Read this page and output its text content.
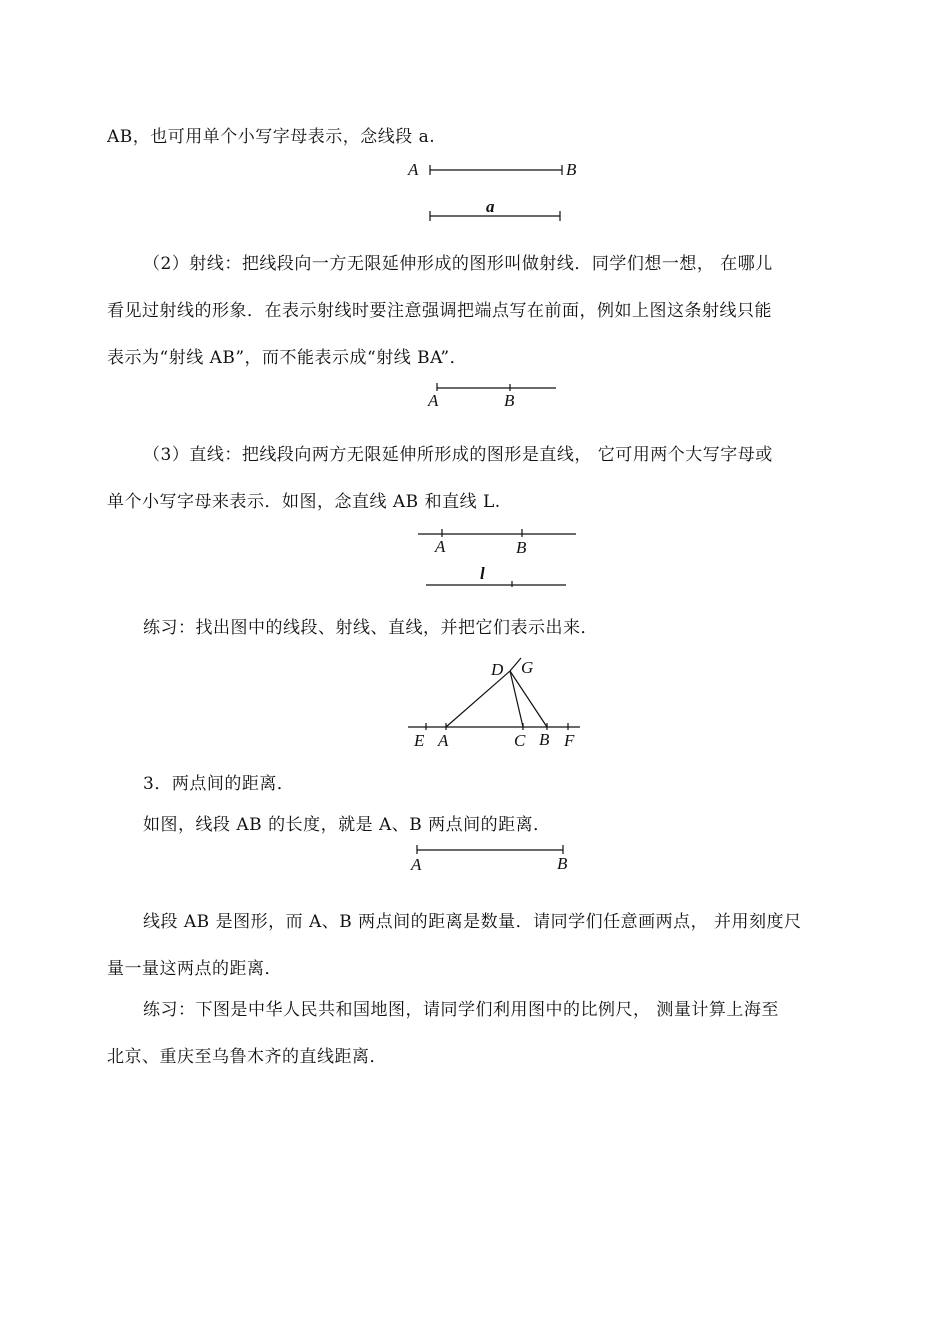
AB，也可用单个小写字母表示，念线段 a.
A	B
a
（2）射线：把线段向一方无限延伸形成的图形叫做射线．同学们想一想， 在哪儿
看见过射线的形象．在表示射线时要注意强调把端点写在前面，例如上图这条射线只能
表示为“射线 AB”，而不能表示成“射线 BA”．
A	B
（3）直线：把线段向两方无限延伸所形成的图形是直线， 它可用两个大写字母或
单个小写字母来表示．如图，念直线 AB 和直线 L.
A	B
l
练习：找出图中的线段、射线、直线，并把它们表示出来．
D G
E A	C B F
3．两点间的距离．
如图，线段 AB 的长度，就是 A、B 两点间的距离．
A	B
线段 AB 是图形，而 A、B 两点间的距离是数量．请同学们任意画两点， 并用刻度尺
量一量这两点的距离．
练习：下图是中华人民共和国地图，请同学们利用图中的比例尺， 测量计算上海至
北京、重庆至乌鲁木齐的直线距离．
